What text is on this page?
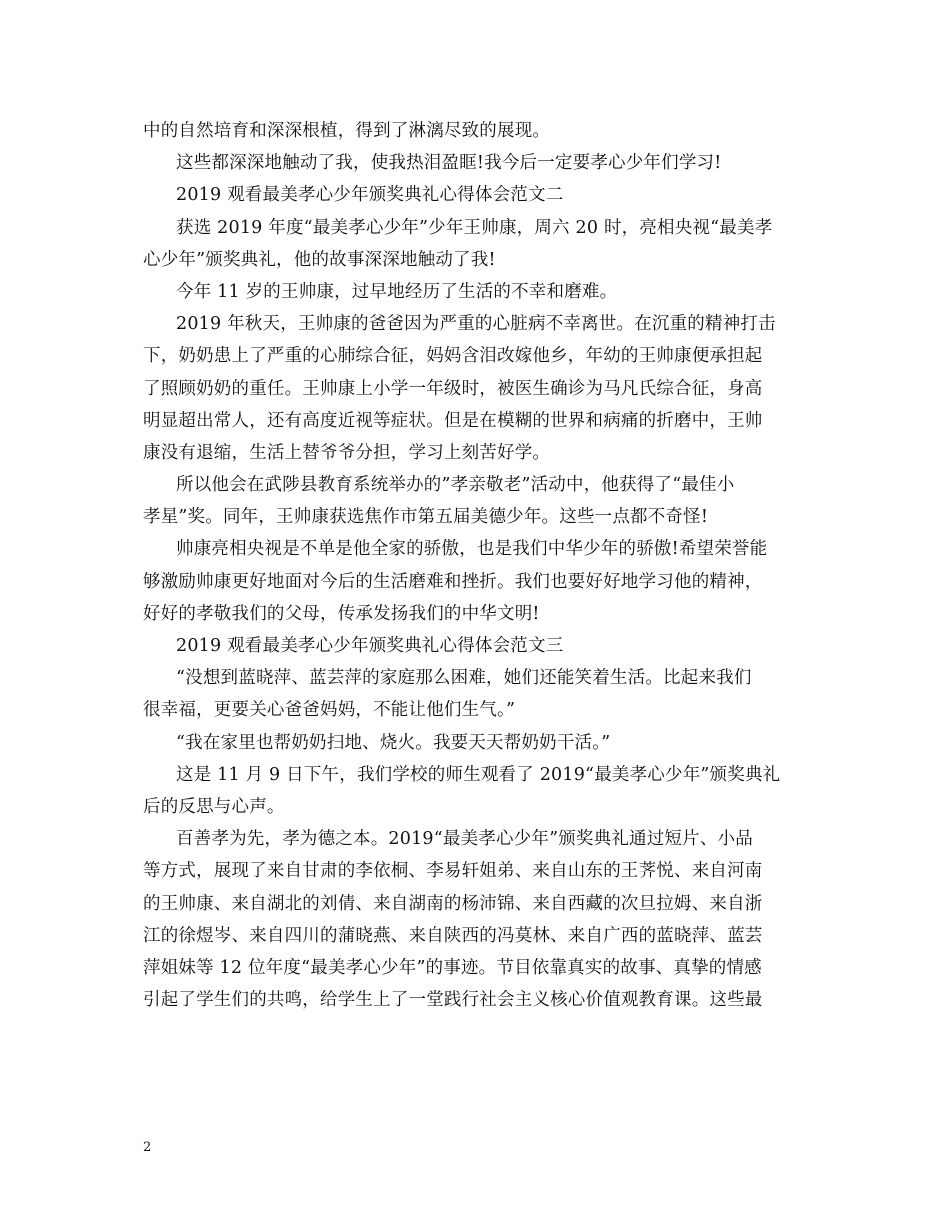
中的自然培育和深深根植，得到了淋漓尽致的展现。
这些都深深地触动了我，使我热泪盈眶!我今后一定要孝心少年们学习!
2019 观看最美孝心少年颁奖典礼心得体会范文二
获选 2019 年度“最美孝心少年”少年王帅康，周六 20 时，亮相央视“最美孝
心少年”颁奖典礼，他的故事深深地触动了我!
今年 11 岁的王帅康，过早地经历了生活的不幸和磨难。
2019 年秋天，王帅康的爸爸因为严重的心脏病不幸离世。在沉重的精神打击
下，奶奶患上了严重的心肺综合征，妈妈含泪改嫁他乡，年幼的王帅康便承担起
了照顾奶奶的重任。王帅康上小学一年级时，被医生确诊为马凡氏综合征，身高
明显超出常人，还有高度近视等症状。但是在模糊的世界和病痛的折磨中，王帅
康没有退缩，生活上替爷爷分担，学习上刻苦好学。
所以他会在武陟县教育系统举办的”孝亲敬老”活动中，他获得了“最佳小
孝星”奖。同年，王帅康获选焦作市第五届美德少年。这些一点都不奇怪!
帅康亮相央视是不单是他全家的骄傲，也是我们中华少年的骄傲!希望荣誉能
够激励帅康更好地面对今后的生活磨难和挫折。我们也要好好地学习他的精神，
好好的孝敬我们的父母，传承发扬我们的中华文明!
2019 观看最美孝心少年颁奖典礼心得体会范文三
“没想到蓝晓萍、蓝芸萍的家庭那么困难，她们还能笑着生活。比起来我们
很幸福，更要关心爸爸妈妈，不能让他们生气。”
“我在家里也帮奶奶扫地、烧火。我要天天帮奶奶干活。”
这是 11 月 9 日下午，我们学校的师生观看了 2019“最美孝心少年”颁奖典礼
后的反思与心声。
百善孝为先，孝为德之本。2019“最美孝心少年”颁奖典礼通过短片、小品
等方式，展现了来自甘肃的李依桐、李易轩姐弟、来自山东的王荠悦、来自河南
的王帅康、来自湖北的刘倩、来自湖南的杨沛锦、来自西藏的次旦拉姆、来自浙
江的徐煜岑、来自四川的蒲晓燕、来自陕西的冯莫林、来自广西的蓝晓萍、蓝芸
萍姐妹等 12 位年度“最美孝心少年”的事迹。节目依靠真实的故事、真挚的情感
引起了学生们的共鸣，给学生上了一堂践行社会主义核心价值观教育课。这些最
2
